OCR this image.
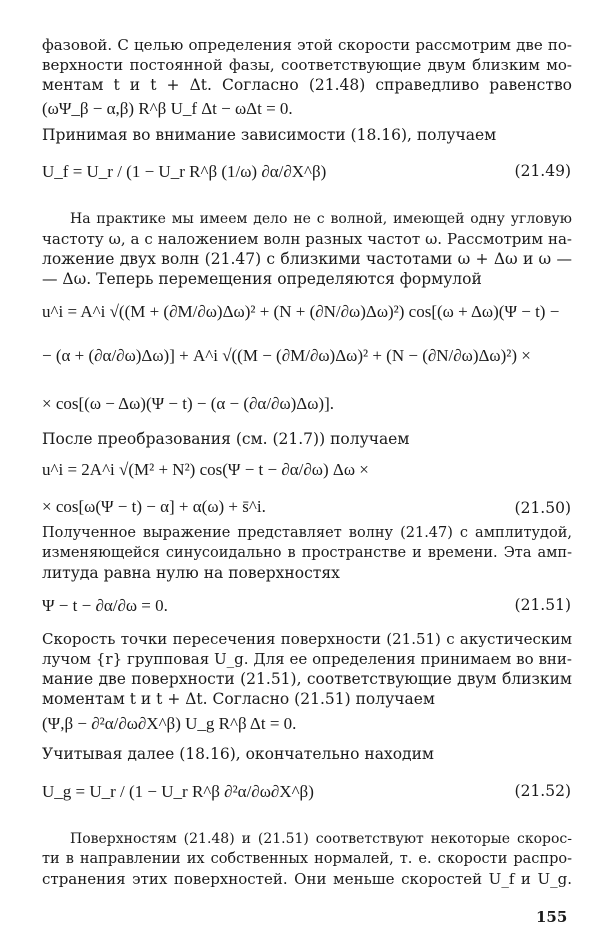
фазовой. С целью определения этой скорости рассмотрим две по-
верхности постоянной фазы, соответствующие двум близким мо-
ментам t и t + Δt. Согласно (21.48) справедливо равенство
(ωΨ_β − α,β) R^β U_f Δt − ωΔt = 0.
Принимая во внимание зависимости (18.16), получаем
U_f = U_r / (1 − U_r R^β (1/ω) ∂α/∂X^β)	(21.49)
На практике мы имеем дело не с волной, имеющей одну угловую
частоту ω, а с наложением волн разных частот ω. Рассмотрим на-
ложение двух волн (21.47) с близкими частотами ω + Δω и ω —
— Δω. Теперь перемещения определяются формулой
u^i = A^i √((M + (∂M/∂ω)Δω)² + (N + (∂N/∂ω)Δω)²) cos[(ω + Δω)(Ψ − t) −
− (α + (∂α/∂ω)Δω)] + A^i √((M − (∂M/∂ω)Δω)² + (N − (∂N/∂ω)Δω)²) ×
× cos[(ω − Δω)(Ψ − t) − (α − (∂α/∂ω)Δω)].
После преобразования (см. (21.7)) получаем
u^i = 2A^i √(M² + N²) cos(Ψ − t − ∂α/∂ω) Δω ×
× cos[ω(Ψ − t) − α] + α(ω) + s̄^i.	(21.50)
Полученное выражение представляет волну (21.47) с амплитудой,
изменяющейся синусоидально в пространстве и времени. Эта амп-
литуда равна нулю на поверхностях
Ψ − t − ∂α/∂ω = 0.	(21.51)
Скорость точки пересечения поверхности (21.51) с акустическим
лучом {r} групповая U_g. Для ее определения принимаем во вни-
мание две поверхности (21.51), соответствующие двум близким
моментам t и t + Δt. Согласно (21.51) получаем
(Ψ,β − ∂²α/∂ω∂X^β) U_g R^β Δt = 0.
Учитывая далее (18.16), окончательно находим
U_g = U_r / (1 − U_r R^β ∂²α/∂ω∂X^β)	(21.52)
Поверхностям (21.48) и (21.51) соответствуют некоторые скорос-
ти в направлении их собственных нормалей, т. е. скорости распро-
странения этих поверхностей. Они меньше скоростей U_f и U_g.
155
